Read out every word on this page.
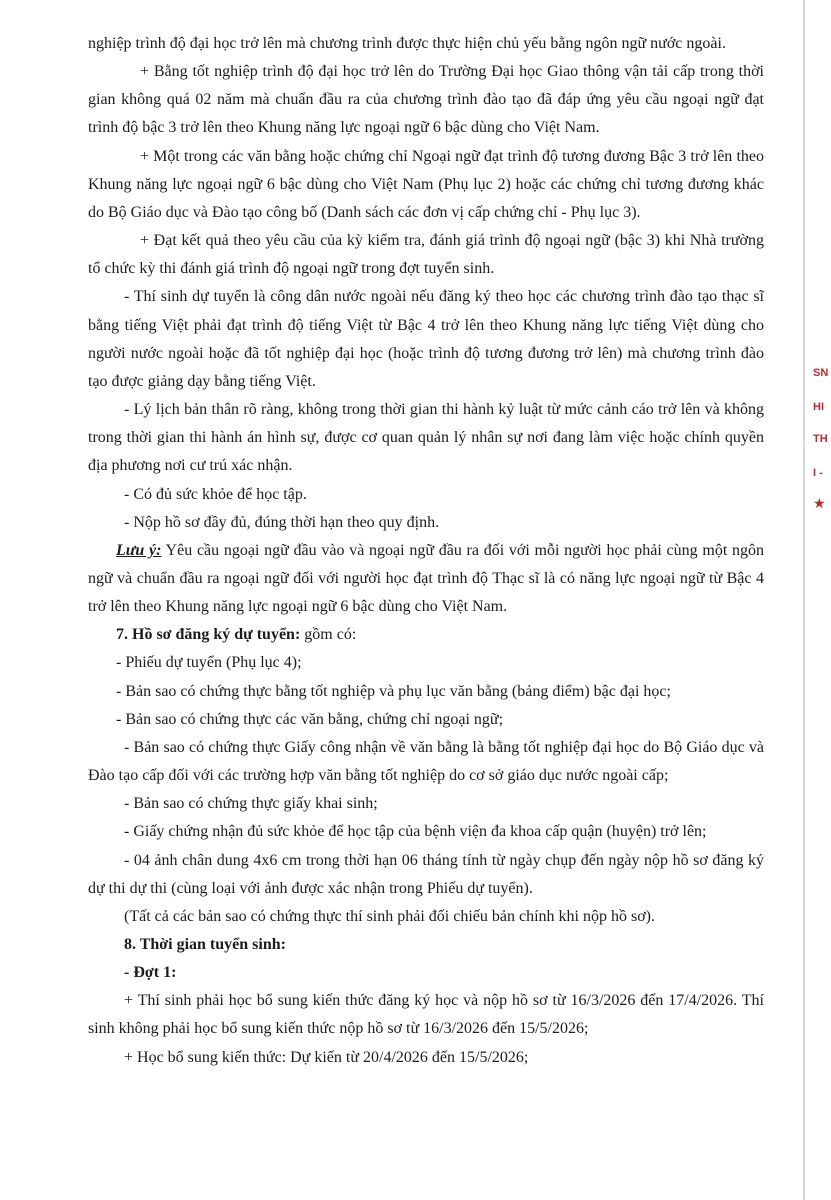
nghiệp trình độ đại học trở lên mà chương trình được thực hiện chủ yếu bằng ngôn ngữ nước ngoài.

+ Bằng tốt nghiệp trình độ đại học trở lên do Trường Đại học Giao thông vận tải cấp trong thời gian không quá 02 năm mà chuẩn đầu ra của chương trình đào tạo đã đáp ứng yêu cầu ngoại ngữ đạt trình độ bậc 3 trở lên theo Khung năng lực ngoại ngữ 6 bậc dùng cho Việt Nam.

+ Một trong các văn bằng hoặc chứng chỉ Ngoại ngữ đạt trình độ tương đương Bậc 3 trở lên theo Khung năng lực ngoại ngữ 6 bậc dùng cho Việt Nam (Phụ lục 2) hoặc các chứng chỉ tương đương khác do Bộ Giáo dục và Đào tạo công bố (Danh sách các đơn vị cấp chứng chỉ - Phụ lục 3).

+ Đạt kết quả theo yêu cầu của kỳ kiểm tra, đánh giá trình độ ngoại ngữ (bậc 3) khi Nhà trường tổ chức kỳ thi đánh giá trình độ ngoại ngữ trong đợt tuyển sinh.

- Thí sinh dự tuyển là công dân nước ngoài nếu đăng ký theo học các chương trình đào tạo thạc sĩ bằng tiếng Việt phải đạt trình độ tiếng Việt từ Bậc 4 trở lên theo Khung năng lực tiếng Việt dùng cho người nước ngoài hoặc đã tốt nghiệp đại học (hoặc trình độ tương đương trở lên) mà chương trình đào tạo được giảng dạy bằng tiếng Việt.

- Lý lịch bản thân rõ ràng, không trong thời gian thi hành kỷ luật từ mức cảnh cáo trở lên và không trong thời gian thi hành án hình sự, được cơ quan quản lý nhân sự nơi đang làm việc hoặc chính quyền địa phương nơi cư trú xác nhận.

- Có đủ sức khỏe để học tập.

- Nộp hồ sơ đầy đủ, đúng thời hạn theo quy định.

Lưu ý: Yêu cầu ngoại ngữ đầu vào và ngoại ngữ đầu ra đối với mỗi người học phải cùng một ngôn ngữ và chuẩn đầu ra ngoại ngữ đối với người học đạt trình độ Thạc sĩ là có năng lực ngoại ngữ từ Bậc 4 trở lên theo Khung năng lực ngoại ngữ 6 bậc dùng cho Việt Nam.

7. Hồ sơ đăng ký dự tuyển: gồm có:

- Phiếu dự tuyển (Phụ lục 4);

- Bản sao có chứng thực bằng tốt nghiệp và phụ lục văn bằng (bảng điểm) bậc đại học;

- Bản sao có chứng thực các văn bằng, chứng chỉ ngoại ngữ;

- Bản sao có chứng thực Giấy công nhận về văn bằng là bằng tốt nghiệp đại học do Bộ Giáo dục và Đào tạo cấp đối với các trường hợp văn bằng tốt nghiệp do cơ sở giáo dục nước ngoài cấp;

- Bản sao có chứng thực giấy khai sinh;

- Giấy chứng nhận đủ sức khỏe để học tập của bệnh viện đa khoa cấp quận (huyện) trở lên;

- 04 ảnh chân dung 4x6 cm trong thời hạn 06 tháng tính từ ngày chụp đến ngày nộp hồ sơ đăng ký dự thi dự thi (cùng loại với ảnh được xác nhận trong Phiếu dự tuyển).

(Tất cả các bản sao có chứng thực thí sinh phải đối chiếu bản chính khi nộp hồ sơ).

8. Thời gian tuyển sinh:

- Đợt 1:

+ Thí sinh phải học bổ sung kiến thức đăng ký học và nộp hồ sơ từ 16/3/2026 đến 17/4/2026. Thí sinh không phải học bổ sung kiến thức nộp hồ sơ từ 16/3/2026 đến 15/5/2026;

+ Học bổ sung kiến thức: Dự kiến từ 20/4/2026 đến 15/5/2026;

SN
HI
TH
I -
★
